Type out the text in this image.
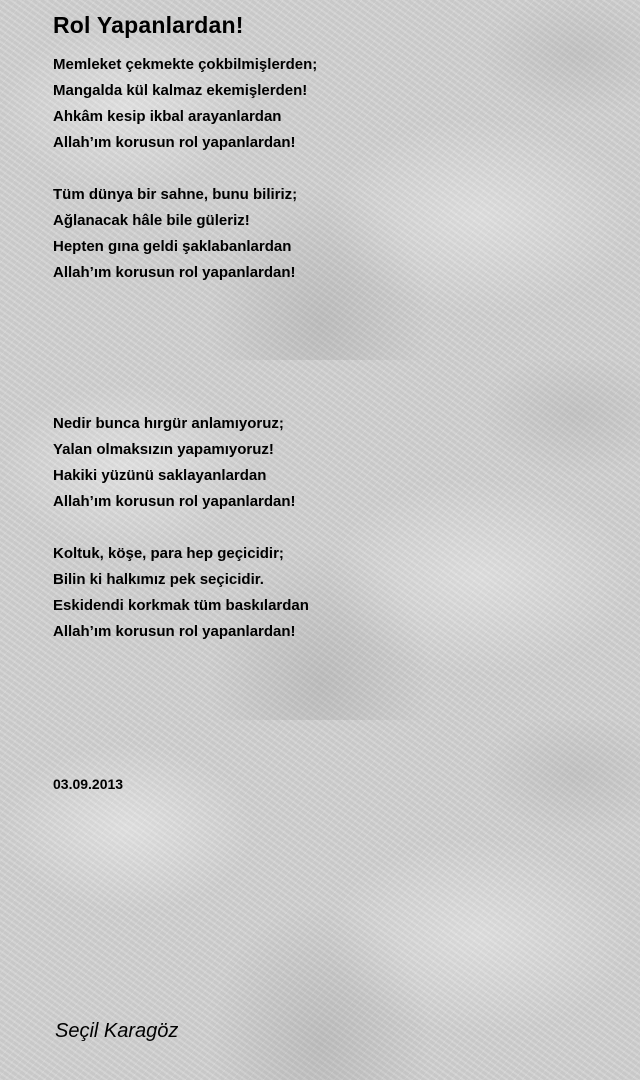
Rol Yapanlardan!
Memleket çekmekte çokbilmişlerden;
Mangalda kül kalmaz ekemişlerden!
Ahkâm kesip ikbal arayanlardan
Allah’ım korusun rol yapanlardan!
Tüm dünya bir sahne, bunu biliriz;
Ağlanacak hâle bile güleriz!
Hepten gına geldi şaklabanlardan
Allah’ım korusun rol yapanlardan!
Nedir bunca hırgür anlamıyoruz;
Yalan olmaksızın yapamıyoruz!
Hakiki yüzünü saklayanlardan
Allah’ım korusun rol yapanlardan!
Koltuk, köşe, para hep geçicidir;
Bilin ki halkımız pek seçicidir.
Eskidendi korkmak tüm baskılardan
Allah’ım korusun rol yapanlardan!
03.09.2013
Seçil Karagöz
